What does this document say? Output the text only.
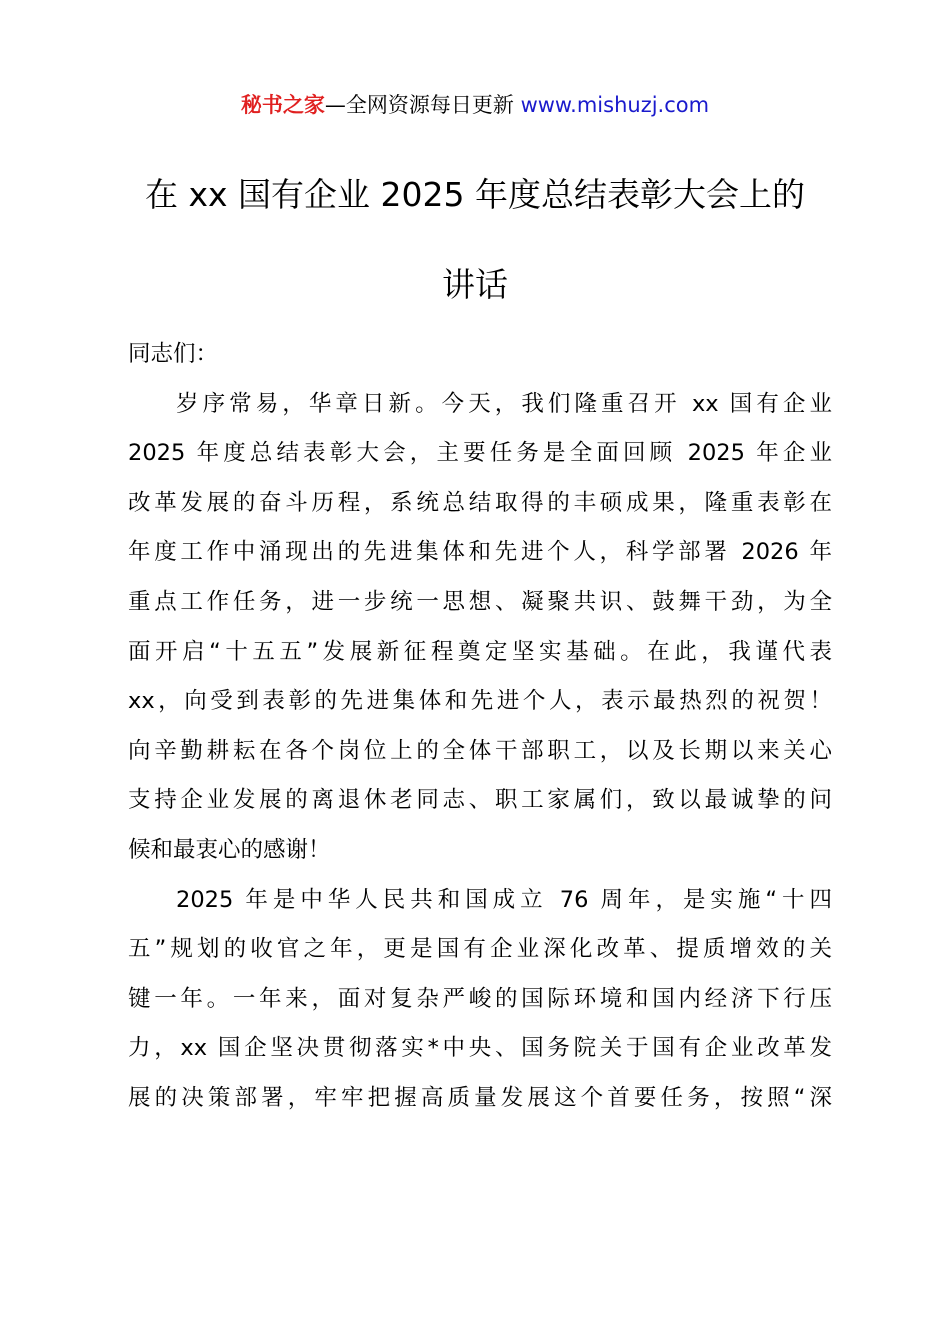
秘书之家—全网资源每日更新 www.mishuzj.com
在 xx 国有企业 2025 年度总结表彰大会上的
讲话

同志们：

岁序常易，华章日新。今天，我们隆重召开 xx 国有企业
2025 年度总结表彰大会，主要任务是全面回顾 2025 年企业
改革发展的奋斗历程，系统总结取得的丰硕成果，隆重表彰在
年度工作中涌现出的先进集体和先进个人，科学部署 2026 年
重点工作任务，进一步统一思想、凝聚共识、鼓舞干劲，为全
面开启“十五五”发展新征程奠定坚实基础。在此，我谨代表
xx，向受到表彰的先进集体和先进个人，表示最热烈的祝贺！
向辛勤耕耘在各个岗位上的全体干部职工，以及长期以来关心
支持企业发展的离退休老同志、职工家属们，致以最诚挚的问
候和最衷心的感谢！
2025 年是中华人民共和国成立 76 周年，是实施“十四
五”规划的收官之年，更是国有企业深化改革、提质增效的关
键一年。一年来，面对复杂严峻的国际环境和国内经济下行压
力，xx 国企坚决贯彻落实*中央、国务院关于国有企业改革发
展的决策部署，牢牢把握高质量发展这个首要任务，按照“深
